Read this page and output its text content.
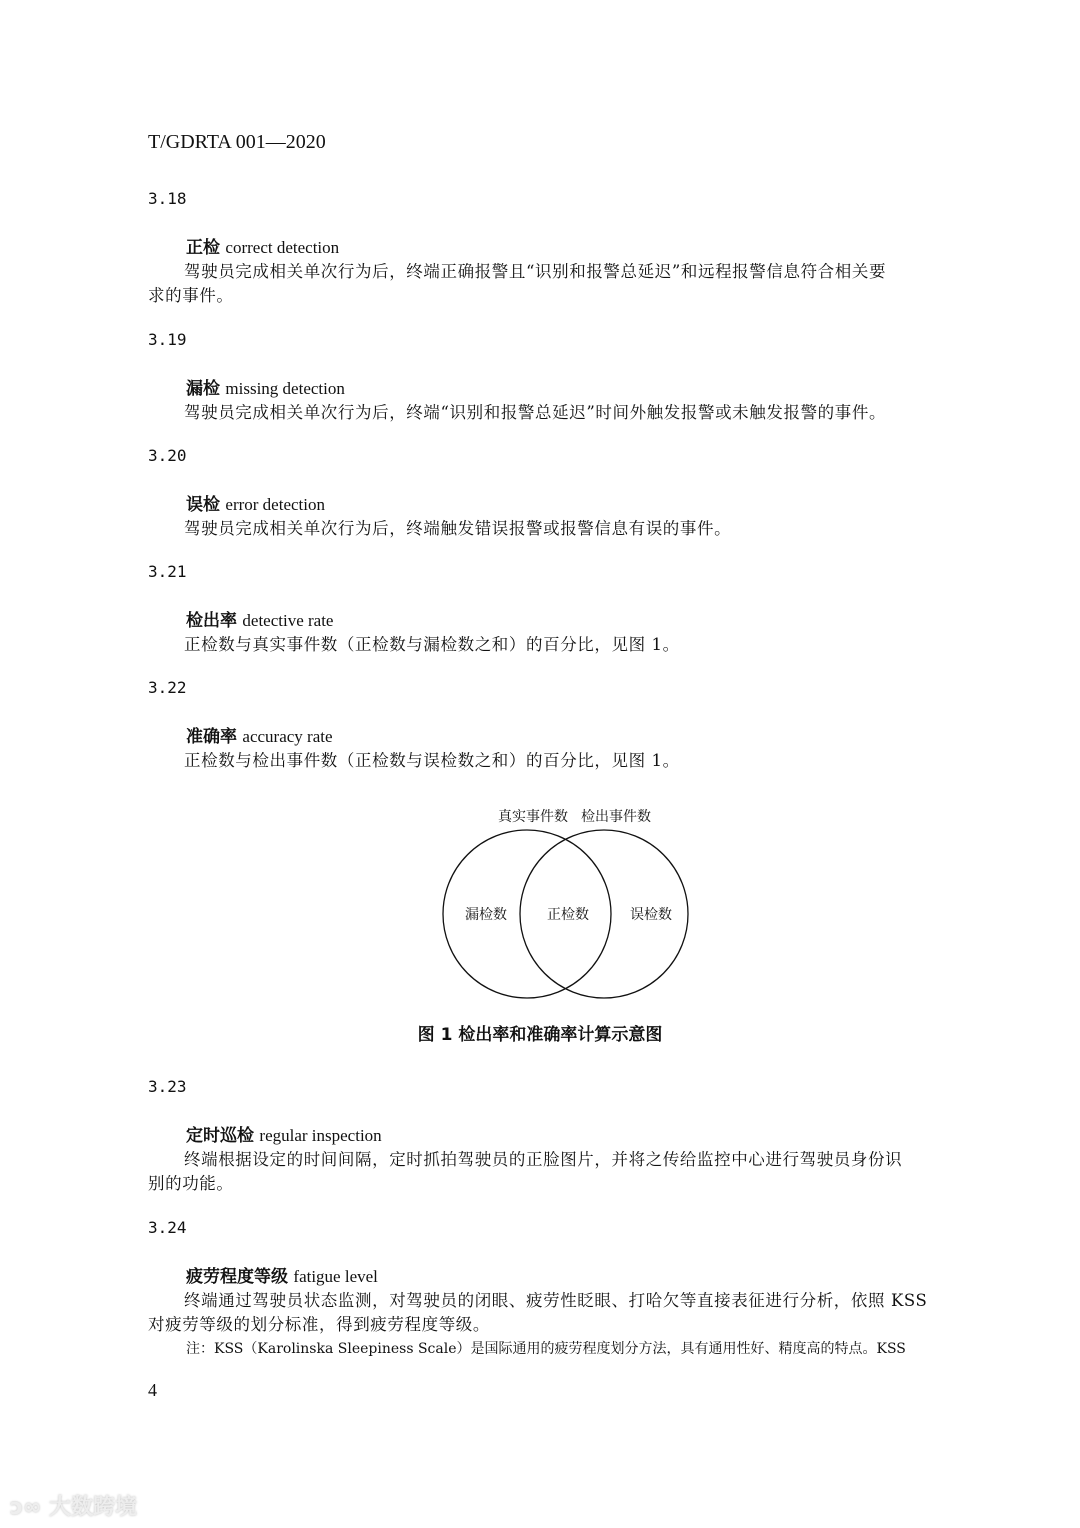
T/GDRTA 001—2020
3.18
正检 correct detection
驾驶员完成相关单次行为后，终端正确报警且“识别和报警总延迟”和远程报警信息符合相关要
求的事件。
3.19
漏检 missing detection
驾驶员完成相关单次行为后，终端“识别和报警总延迟”时间外触发报警或未触发报警的事件。
3.20
误检 error detection
驾驶员完成相关单次行为后，终端触发错误报警或报警信息有误的事件。
3.21
检出率 detective rate
正检数与真实事件数（正检数与漏检数之和）的百分比，见图 1。
3.22
准确率 accuracy rate
正检数与检出事件数（正检数与误检数之和）的百分比，见图 1。
3.23
定时巡检 regular inspection
终端根据设定的时间间隔，定时抓拍驾驶员的正脸图片，并将之传给监控中心进行驾驶员身份识
别的功能。
3.24
疲劳程度等级 fatigue level
终端通过驾驶员状态监测，对驾驶员的闭眼、疲劳性眨眼、打哈欠等直接表征进行分析，依照 KSS
对疲劳等级的划分标准，得到疲劳程度等级。
注：KSS（Karolinska Sleepiness Scale）是国际通用的疲劳程度划分方法，具有通用性好、精度高的特点。KSS
真实事件数 检出事件数
漏检数	正检数	误检数
图 1 检出率和准确率计算示意图
4
ↄ∞ 大数跨境
